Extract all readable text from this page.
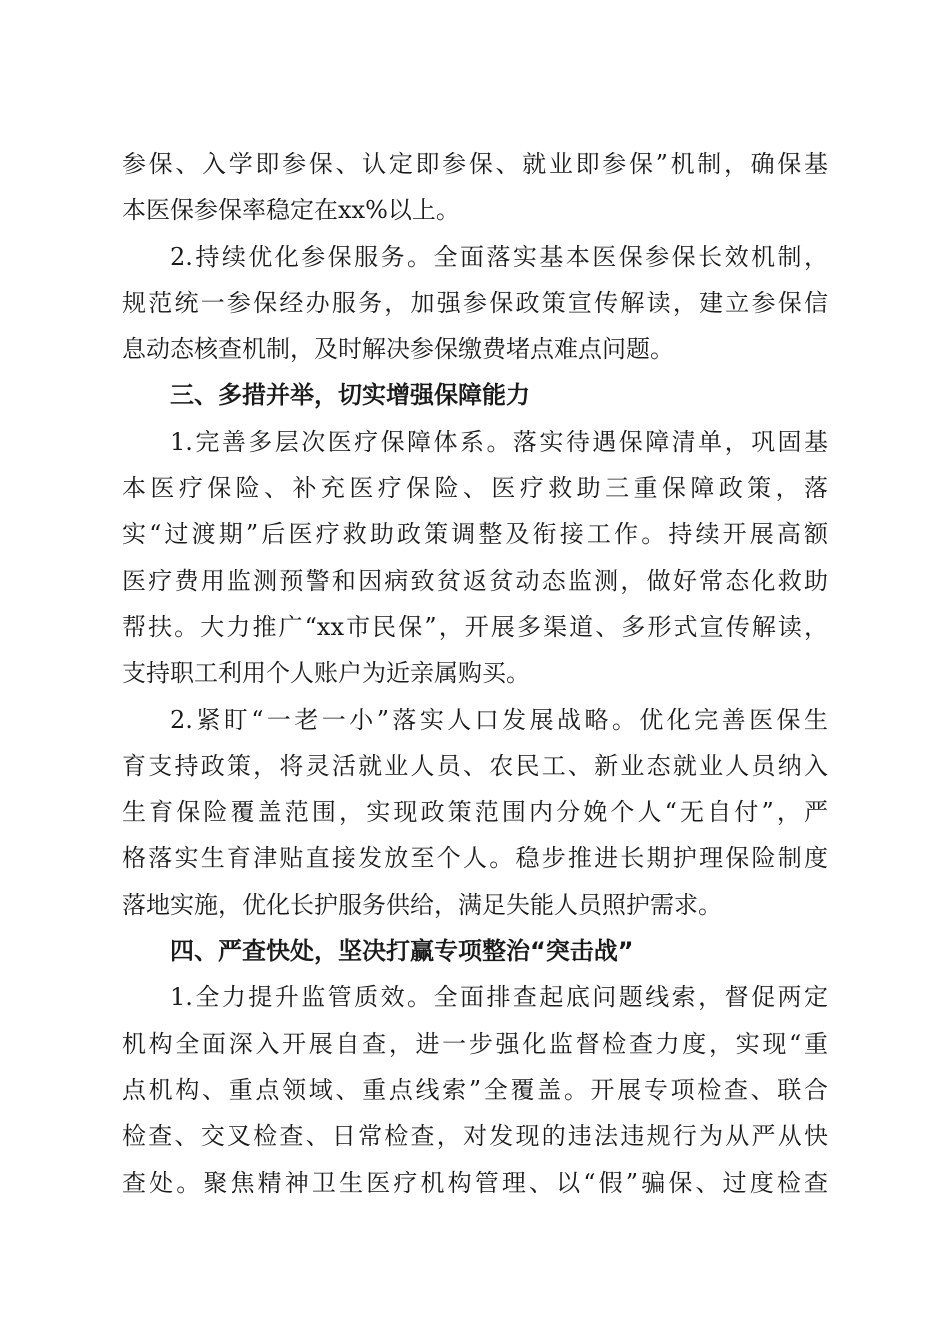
参保、入学即参保、认定即参保、就业即参保”机制，确保基
本医保参保率稳定在xx%以上。
2.持续优化参保服务。全面落实基本医保参保长效机制，
规范统一参保经办服务，加强参保政策宣传解读，建立参保信
息动态核查机制，及时解决参保缴费堵点难点问题。
三、多措并举，切实增强保障能力
1.完善多层次医疗保障体系。落实待遇保障清单，巩固基
本医疗保险、补充医疗保险、医疗救助三重保障政策，落
实“过渡期”后医疗救助政策调整及衔接工作。持续开展高额
医疗费用监测预警和因病致贫返贫动态监测，做好常态化救助
帮扶。大力推广“xx市民保”，开展多渠道、多形式宣传解读，
支持职工利用个人账户为近亲属购买。
2.紧盯“一老一小”落实人口发展战略。优化完善医保生
育支持政策，将灵活就业人员、农民工、新业态就业人员纳入
生育保险覆盖范围，实现政策范围内分娩个人“无自付”，严
格落实生育津贴直接发放至个人。稳步推进长期护理保险制度
落地实施，优化长护服务供给，满足失能人员照护需求。
四、严查快处，坚决打赢专项整治“突击战”
1.全力提升监管质效。全面排查起底问题线索，督促两定
机构全面深入开展自查，进一步强化监督检查力度，实现“重
点机构、重点领域、重点线索”全覆盖。开展专项检查、联合
检查、交叉检查、日常检查，对发现的违法违规行为从严从快
查处。聚焦精神卫生医疗机构管理、以“假”骗保、过度检查
